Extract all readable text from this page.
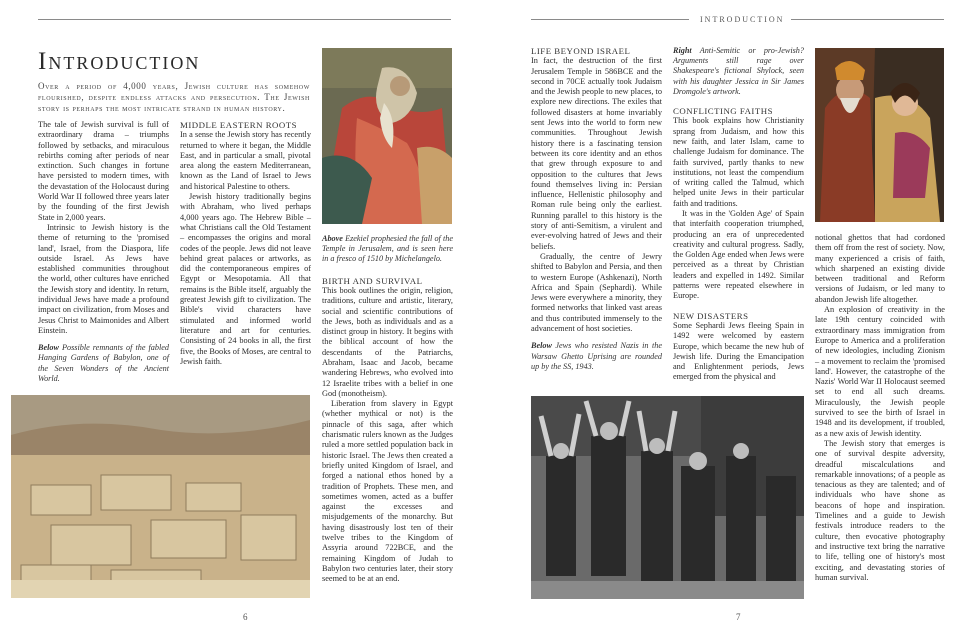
INTRODUCTION
Introduction
Over a period of 4,000 years, Jewish culture has somehow flourished, despite endless attacks and persecution. The Jewish story is perhaps the most intricate strand in human history.

The tale of Jewish survival is full of extraordinary drama – triumphs followed by setbacks, and miraculous rebirths coming after periods of near extinction. Such changes in fortune have persisted to modern times, with the devastation of the Holocaust during World War II followed three years later by the founding of the first Jewish State in 2,000 years.

Intrinsic to Jewish history is the theme of returning to the 'promised land', Israel, from the Diaspora, life outside Israel. As Jews have established communities throughout the world, other cultures have enriched the Jewish story and identity. In return, individual Jews have made a profound impact on civilization, from Moses and Jesus Christ to Maimonides and Albert Einstein.

Below Possible remnants of the fabled Hanging Gardens of Babylon, one of the Seven Wonders of the Ancient World.

MIDDLE EASTERN ROOTS

In a sense the Jewish story has recently returned to where it began, the Middle East, and in particular a small, pivotal area along the eastern Mediterranean, known as the Land of Israel to Jews and historical Palestine to others.

Jewish history traditionally begins with Abraham, who lived perhaps 4,000 years ago. The Hebrew Bible – what Christians call the Old Testament – encompasses the origins and moral codes of the people. Jews did not leave behind great palaces or artworks, as did the contemporaneous empires of Egypt or Mesopotamia. All that remains is the Bible itself, arguably the greatest Jewish gift to civilization. The Bible's vivid characters have stimulated and informed world literature and art for centuries. Consisting of 24 books in all, the first five, the Books of Moses, are central to Jewish faith.

Above Ezekiel prophesied the fall of the Temple in Jerusalem, and is seen here in a fresco of 1510 by Michelangelo.

BIRTH AND SURVIVAL

This book outlines the origin, religion, traditions, culture and artistic, literary, social and scientific contributions of the Jews, both as individuals and as a distinct group in history. It begins with the biblical account of how the descendants of the Patriarchs, Abraham, Isaac and Jacob, became wandering Hebrews, who evolved into 12 Israelite tribes with a belief in one God (monotheism).

Liberation from slavery in Egypt (whether mythical or not) is the pinnacle of this saga, after which charismatic rulers known as the Judges ruled a more settled population back in historic Israel. The Jews then created a briefly united Kingdom of Israel, and forged a national ethos honed by a tradition of Prophets. These men, and sometimes women, acted as a buffer against the excesses and misjudgements of the monarchy. But having disastrously lost ten of their twelve tribes to the Kingdom of Assyria around 722BCE, and the remaining Kingdom of Judah to Babylon two centuries later, their story seemed to be at an end.

6

LIFE BEYOND ISRAEL

In fact, the destruction of the first Jerusalem Temple in 586BCE and the second in 70CE actually took Judaism and the Jewish people to new places, to explore new directions. The exiles that followed disasters at home invariably sent Jews into the world to form new communities. Throughout Jewish history there is a fascinating tension between its core identity and an ethos that grew through exposure to and opposition to the cultures that Jews found themselves living in: Persian influence, Hellenistic philosophy and Roman rule being only the earliest. Running parallel to this history is the story of anti-Semitism, a virulent and ever-evolving hatred of Jews and their beliefs.

Gradually, the centre of Jewry shifted to Babylon and Persia, and then to western Europe (Ashkenazi), North Africa and Spain (Sephardi). While Jews were everywhere a minority, they formed networks that linked vast areas and thus contributed immensely to the advancement of host societies.

Below Jews who resisted Nazis in the Warsaw Ghetto Uprising are rounded up by the SS, 1943.

Right Anti-Semitic or pro-Jewish? Arguments still rage over Shakespeare's fictional Shylock, seen with his daughter Jessica in Sir James Dromgole's artwork.

CONFLICTING FAITHS

This book explains how Christianity sprang from Judaism, and how this new faith, and later Islam, came to challenge Judaism for dominance. The faith survived, partly thanks to new institutions, not least the compendium of writing called the Talmud, which helped unite Jews in their particular faith and traditions.

It was in the 'Golden Age' of Spain that interfaith cooperation triumphed, producing an era of unprecedented creativity and cultural progress. Sadly, the Golden Age ended when Jews were perceived as a threat by Christian leaders and expelled in 1492. Similar patterns were repeated elsewhere in Europe.

NEW DISASTERS

Some Sephardi Jews fleeing Spain in 1492 were welcomed by eastern Europe, which became the new hub of Jewish life. During the Emancipation and Enlightenment periods, Jews emerged from the physical and

notional ghettos that had cordoned them off from the rest of society. Now, many experienced a crisis of faith, which sharpened an existing divide between traditional and Reform versions of Judaism, or led many to abandon Jewish life altogether.

An explosion of creativity in the late 19th century coincided with extraordinary mass immigration from Europe to America and a proliferation of new ideologies, including Zionism – a movement to reclaim the 'promised land'. However, the catastrophe of the Nazis' World War II Holocaust seemed set to end all such dreams. Miraculously, the Jewish people survived to see the birth of Israel in 1948 and its development, if troubled, as a new axis of Jewish identity.

The Jewish story that emerges is one of survival despite adversity, dreadful miscalculations and remarkable innovations; of a people as tenacious as they are talented; and of individuals who have shone as beacons of hope and inspiration. Timelines and a guide to Jewish festivals introduce readers to the culture, then evocative photography and instructive text bring the narrative to life, telling one of history's most exciting, and devastating stories of human survival.

7
